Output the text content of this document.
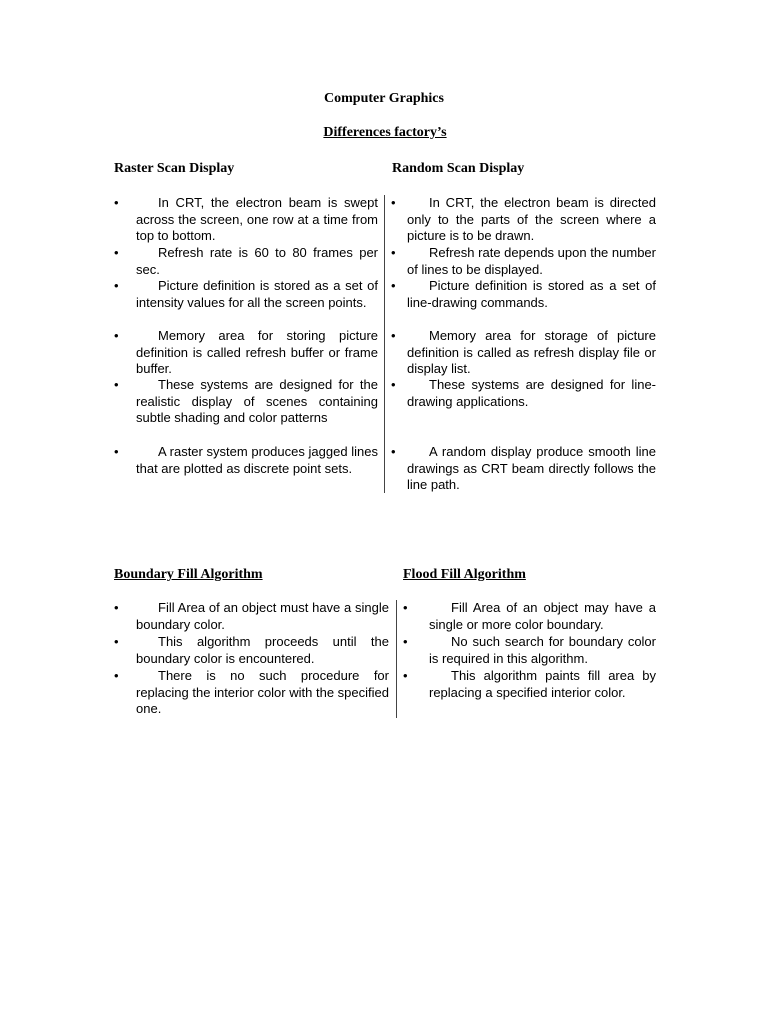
Computer Graphics
Differences factory’s
Raster Scan Display	Random Scan Display
•
•
•
•
•
•
In CRT, the electron beam is swept across the screen, one row at a time from top to bottom.
Refresh rate is 60 to 80 frames per sec.
Picture definition is stored as a set of intensity values for all the screen points.
Memory area for storing picture definition is called refresh buffer or frame buffer.
These systems are designed for the realistic display of scenes containing subtle shading and color patterns
A raster system produces jagged lines that are plotted as discrete point sets.
•
•
•
•
•
•
In CRT, the electron beam is directed only to the parts of the screen where a picture is to be drawn.
Refresh rate depends upon the number of lines to be displayed.
Picture definition is stored as a set of line-drawing commands.
Memory area for storage of picture definition is called as refresh display file or display list.
These systems are designed for line-drawing applications.
A random display produce smooth line drawings as CRT beam directly follows the line path.
Boundary Fill Algorithm	Flood Fill Algorithm
•
•
•
Fill Area of an object must have a single boundary color.
This algorithm proceeds until the boundary color is encountered.
There is no such procedure for replacing the interior color with the specified one.
•
•
•
Fill Area of an object may have a single or more color boundary.
No such search for boundary color is required in this algorithm.
This algorithm paints fill area by replacing a specified interior color.
